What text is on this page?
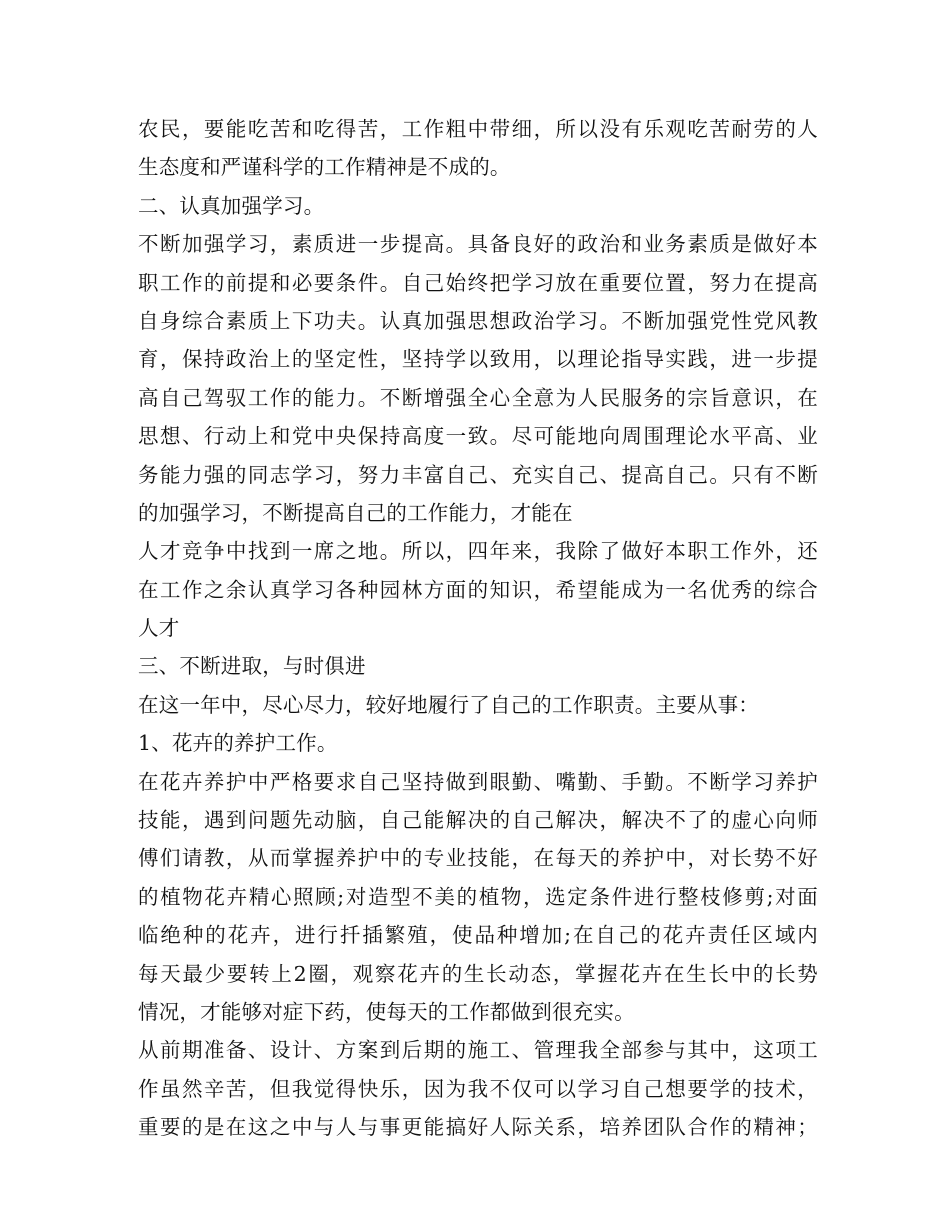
农民，要能吃苦和吃得苦，工作粗中带细，所以没有乐观吃苦耐劳的人
生态度和严谨科学的工作精神是不成的。
二、认真加强学习。
不断加强学习，素质进一步提高。具备良好的政治和业务素质是做好本
职工作的前提和必要条件。自己始终把学习放在重要位置，努力在提高
自身综合素质上下功夫。认真加强思想政治学习。不断加强党性党风教
育，保持政治上的坚定性，坚持学以致用，以理论指导实践，进一步提
高自己驾驭工作的能力。不断增强全心全意为人民服务的宗旨意识，在
思想、行动上和党中央保持高度一致。尽可能地向周围理论水平高、业
务能力强的同志学习，努力丰富自己、充实自己、提高自己。只有不断
的加强学习，不断提高自己的工作能力，才能在
人才竞争中找到一席之地。所以，四年来，我除了做好本职工作外，还
在工作之余认真学习各种园林方面的知识，希望能成为一名优秀的综合
人才
三、不断进取，与时俱进
在这一年中，尽心尽力，较好地履行了自己的工作职责。主要从事：
1、花卉的养护工作。
在花卉养护中严格要求自己坚持做到眼勤、嘴勤、手勤。不断学习养护
技能，遇到问题先动脑，自己能解决的自己解决，解决不了的虚心向师
傅们请教，从而掌握养护中的专业技能，在每天的养护中，对长势不好
的植物花卉精心照顾;对造型不美的植物，选定条件进行整枝修剪;对面
临绝种的花卉，进行扦插繁殖，使品种增加;在自己的花卉责任区域内
每天最少要转上2圈，观察花卉的生长动态，掌握花卉在生长中的长势
情况，才能够对症下药，使每天的工作都做到很充实。
从前期准备、设计、方案到后期的施工、管理我全部参与其中，这项工
作虽然辛苦，但我觉得快乐，因为我不仅可以学习自己想要学的技术，
重要的是在这之中与人与事更能搞好人际关系，培养团队合作的精神；
